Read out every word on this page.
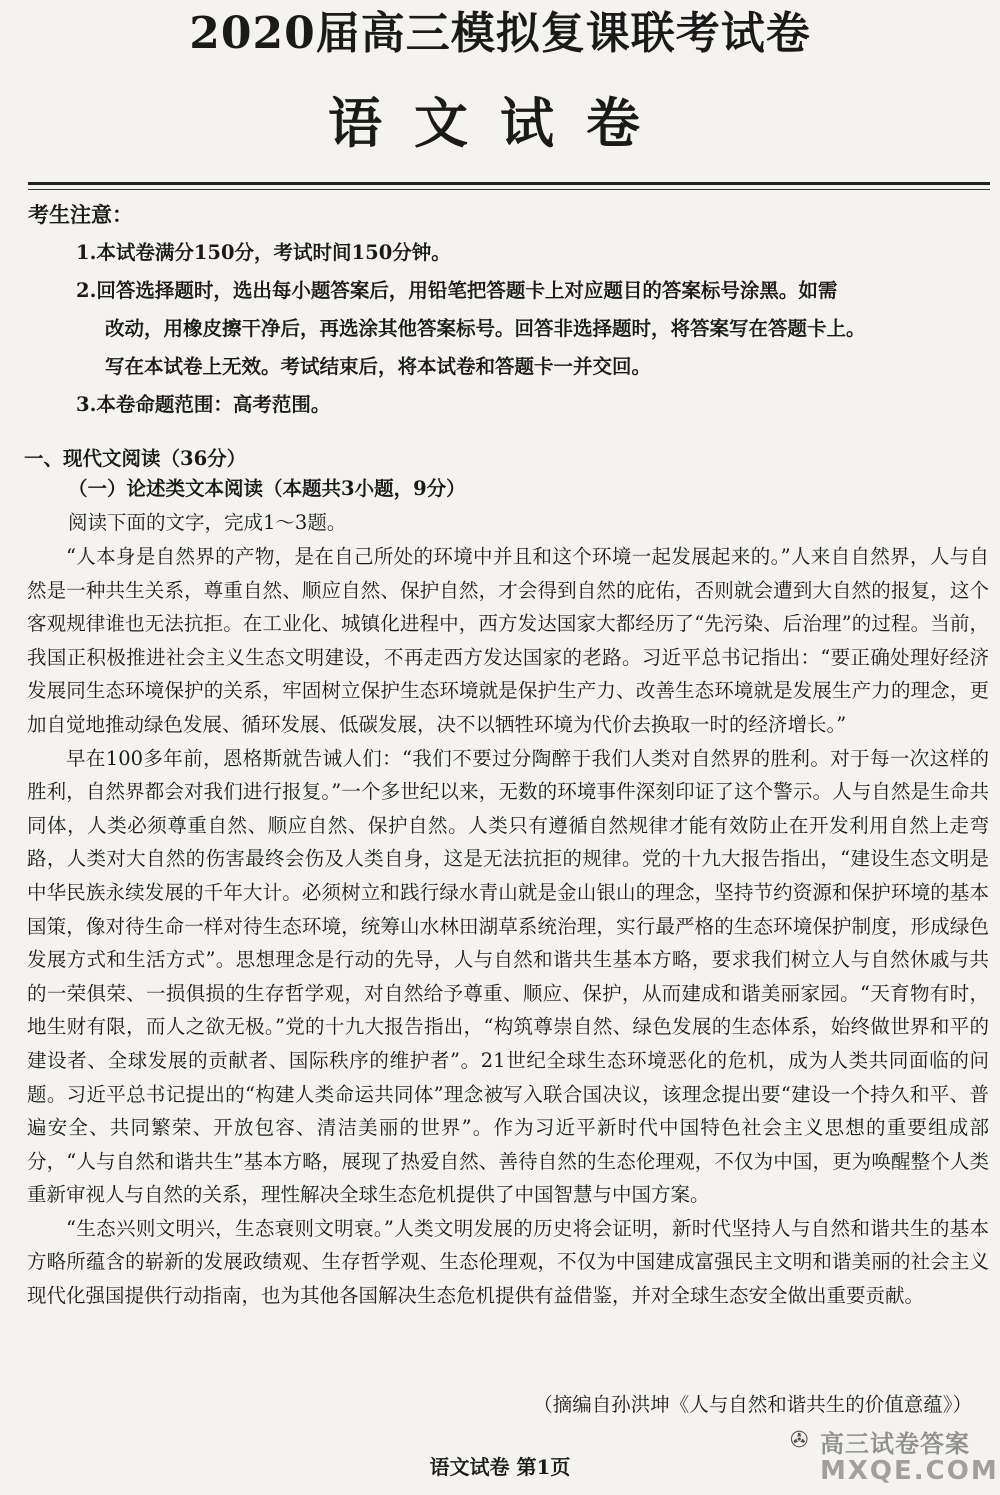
2020届高三模拟复课联考试卷
语文试卷
考生注意：
1.本试卷满分150分，考试时间150分钟。
2.回答选择题时，选出每小题答案后，用铅笔把答题卡上对应题目的答案标号涂黑。如需
改动，用橡皮擦干净后，再选涂其他答案标号。回答非选择题时，将答案写在答题卡上。
写在本试卷上无效。考试结束后，将本试卷和答题卡一并交回。
3.本卷命题范围：高考范围。
一、现代文阅读（36分）
（一）论述类文本阅读（本题共3小题，9分）
阅读下面的文字，完成1～3题。

“人本身是自然界的产物，是在自己所处的环境中并且和这个环境一起发展起来的。”人来自自然界，人与自然是一种共生关系，尊重自然、顺应自然、保护自然，才会得到自然的庇佑，否则就会遭到大自然的报复，这个客观规律谁也无法抗拒。在工业化、城镇化进程中，西方发达国家大都经历了“先污染、后治理”的过程。当前，我国正积极推进社会主义生态文明建设，不再走西方发达国家的老路。习近平总书记指出：“要正确处理好经济发展同生态环境保护的关系，牢固树立保护生态环境就是保护生产力、改善生态环境就是发展生产力的理念，更加自觉地推动绿色发展、循环发展、低碳发展，决不以牺牲环境为代价去换取一时的经济增长。”

早在100多年前，恩格斯就告诫人们：“我们不要过分陶醉于我们人类对自然界的胜利。对于每一次这样的胜利，自然界都会对我们进行报复。”一个多世纪以来，无数的环境事件深刻印证了这个警示。人与自然是生命共同体，人类必须尊重自然、顺应自然、保护自然。人类只有遵循自然规律才能有效防止在开发利用自然上走弯路，人类对大自然的伤害最终会伤及人类自身，这是无法抗拒的规律。党的十九大报告指出，“建设生态文明是中华民族永续发展的千年大计。必须树立和践行绿水青山就是金山银山的理念，坚持节约资源和保护环境的基本国策，像对待生命一样对待生态环境，统筹山水林田湖草系统治理，实行最严格的生态环境保护制度，形成绿色发展方式和生活方式”。思想理念是行动的先导，人与自然和谐共生基本方略，要求我们树立人与自然休戚与共的一荣俱荣、一损俱损的生存哲学观，对自然给予尊重、顺应、保护，从而建成和谐美丽家园。“天育物有时，地生财有限，而人之欲无极。”党的十九大报告指出，“构筑尊崇自然、绿色发展的生态体系，始终做世界和平的建设者、全球发展的贡献者、国际秩序的维护者”。21世纪全球生态环境恶化的危机，成为人类共同面临的问题。习近平总书记提出的“构建人类命运共同体”理念被写入联合国决议，该理念提出要“建设一个持久和平、普遍安全、共同繁荣、开放包容、清洁美丽的世界”。作为习近平新时代中国特色社会主义思想的重要组成部分，“人与自然和谐共生”基本方略，展现了热爱自然、善待自然的生态伦理观，不仅为中国，更为唤醒整个人类重新审视人与自然的关系，理性解决全球生态危机提供了中国智慧与中国方案。

“生态兴则文明兴，生态衰则文明衰。”人类文明发展的历史将会证明，新时代坚持人与自然和谐共生的基本方略所蕴含的崭新的发展政绩观、生存哲学观、生态伦理观，不仅为中国建成富强民主文明和谐美丽的社会主义现代化强国提供行动指南，也为其他各国解决生态危机提供有益借鉴，并对全球生态安全做出重要贡献。

（摘编自孙洪坤《人与自然和谐共生的价值意蕴》）
语文试卷 第1页
✇ 高三试卷答案
MXQE.COM
